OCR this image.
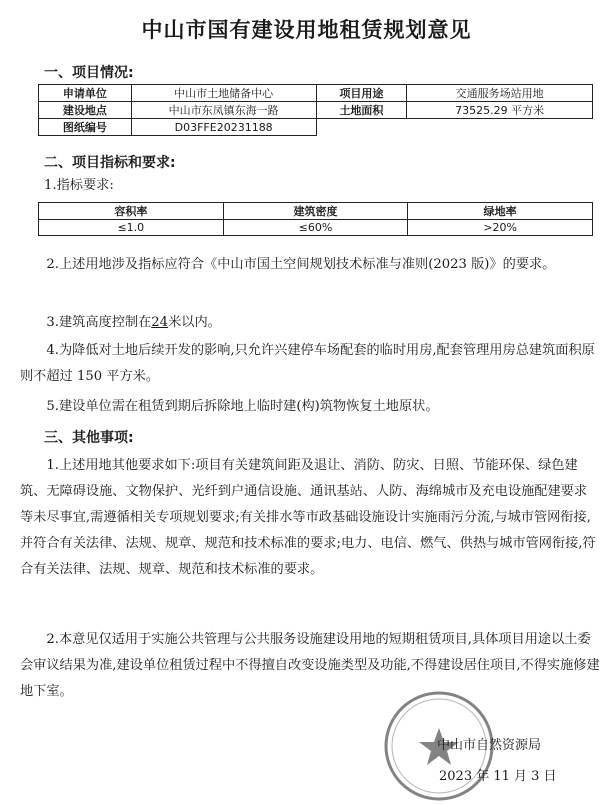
中山市国有建设用地租赁规划意见
一、项目情况:
申请单位	中山市土地储备中心	项目用途	交通服务场站用地
建设地点	中山市东凤镇东海一路	土地面积	73525.29 平方米
图纸编号	D03FFE20231188		
二、项目指标和要求:
1.指标要求:
容积率	建筑密度	绿地率
≤1.0	≤60%	>20%
2.上述用地涉及指标应符合《中山市国土空间规划技术标准与准则(2023 版)》的要求。
3.建筑高度控制在24米以内。
4.为降低对土地后续开发的影响,只允许兴建停车场配套的临时用房,配套管理用房总建筑面积原则不超过 150 平方米。
5.建设单位需在租赁到期后拆除地上临时建(构)筑物恢复土地原状。
三、其他事项:
1.上述用地其他要求如下:项目有关建筑间距及退让、消防、防灾、日照、节能环保、绿色建筑、无障碍设施、文物保护、光纤到户通信设施、通讯基站、人防、海绵城市及充电设施配建要求等未尽事宜,需遵循相关专项规划要求;有关排水等市政基础设施设计实施雨污分流,与城市管网衔接,并符合有关法律、法规、规章、规范和技术标准的要求;电力、电信、燃气、供热与城市管网衔接,符合有关法律、法规、规章、规范和技术标准的要求。
2.本意见仅适用于实施公共管理与公共服务设施建设用地的短期租赁项目,具体项目用途以土委会审议结果为准,建设单位租赁过程中不得擅自改变设施类型及功能,不得建设居住项目,不得实施修建地下室。
中山市自然资源局
2023 年 11 月 3 日
